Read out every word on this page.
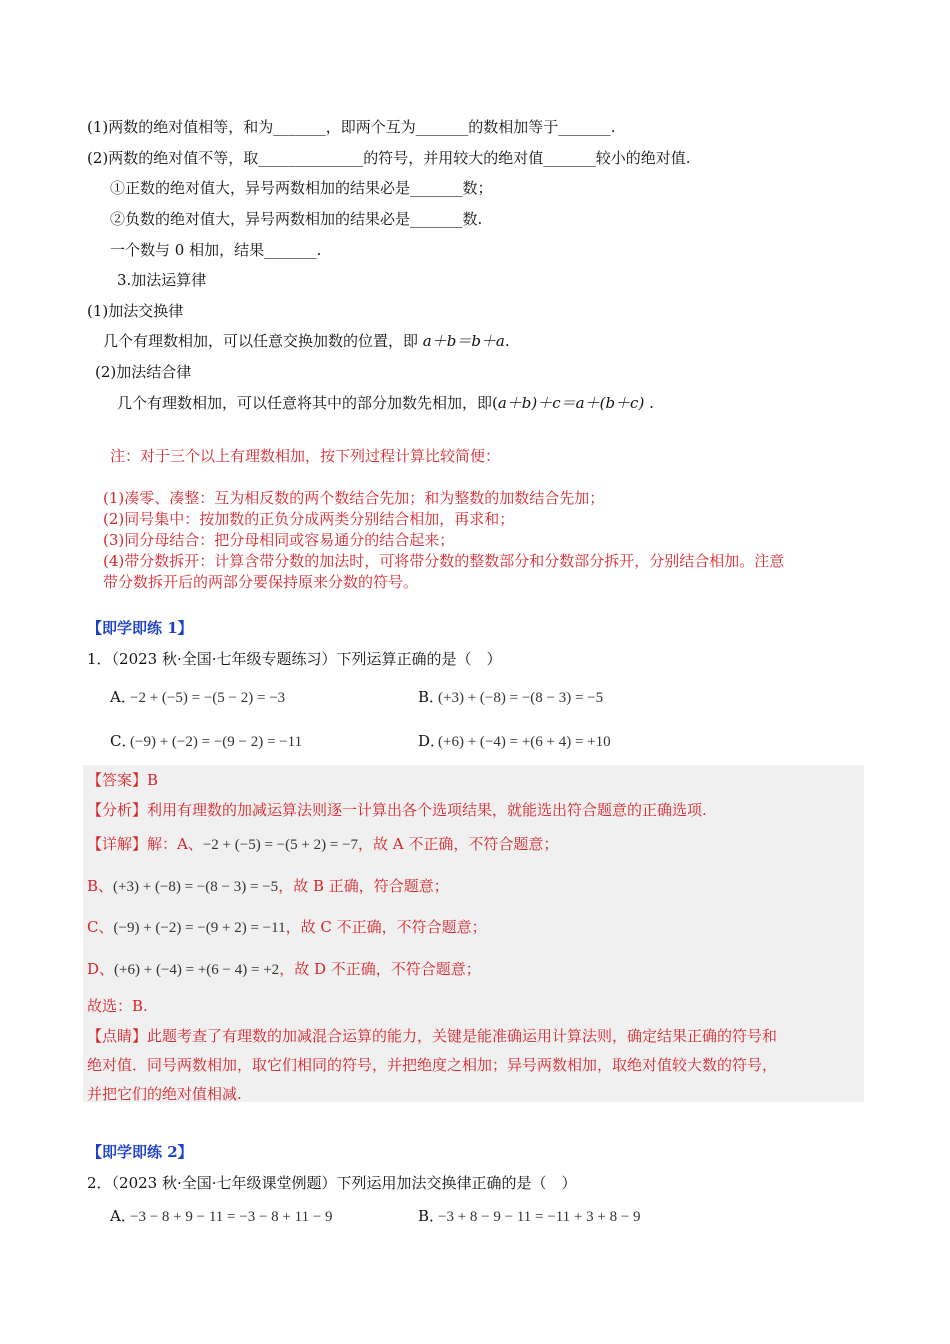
(1)两数的绝对值相等，和为_______，即两个互为_______的数相加等于_______.
(2)两数的绝对值不等，取______________的符号，并用较大的绝对值_______较小的绝对值.
①正数的绝对值大，异号两数相加的结果必是_______数；
②负数的绝对值大，异号两数相加的结果必是_______数.
一个数与 0 相加，结果_______.
3.加法运算律
(1)加法交换律
几个有理数相加，可以任意交换加数的位置，即 a＋b＝b＋a.
(2)加法结合律
几个有理数相加，可以任意将其中的部分加数先相加，即(a＋b)＋c＝a＋(b＋c) .
注：对于三个以上有理数相加，按下列过程计算比较简便：
(1)凑零、凑整：互为相反数的两个数结合先加；和为整数的加数结合先加；
(2)同号集中：按加数的正负分成两类分别结合相加，再求和；
(3)同分母结合：把分母相同或容易通分的结合起来；
(4)带分数拆开：计算含带分数的加法时，可将带分数的整数部分和分数部分拆开，分别结合相加。注意
带分数拆开后的两部分要保持原来分数的符号。
【即学即练 1】
1．（2023 秋·全国·七年级专题练习）下列运算正确的是（　）
A．−2 + (−5) = −(5 − 2) = −3	B．(+3) + (−8) = −(8 − 3) = −5
C．(−9) + (−2) = −(9 − 2) = −11	D．(+6) + (−4) = +(6 + 4) = +10
【答案】B
【分析】利用有理数的加减运算法则逐一计算出各个选项结果，就能选出符合题意的正确选项.
【详解】解：A、−2 + (−5) = −(5 + 2) = −7，故 A 不正确，不符合题意；
B、(+3) + (−8) = −(8 − 3) = −5，故 B 正确，符合题意；
C、(−9) + (−2) = −(9 + 2) = −11，故 C 不正确，不符合题意；
D、(+6) + (−4) = +(6 − 4) = +2，故 D 不正确，不符合题意；
故选：B.
【点睛】此题考查了有理数的加减混合运算的能力，关键是能准确运用计算法则，确定结果正确的符号和
绝对值．同号两数相加，取它们相同的符号，并把绝度之相加；异号两数相加，取绝对值较大数的符号，
并把它们的绝对值相减.
【即学即练 2】
2．（2023 秋·全国·七年级课堂例题）下列运用加法交换律正确的是（　）
A．−3 − 8 + 9 − 11 = −3 − 8 + 11 − 9	B．−3 + 8 − 9 − 11 = −11 + 3 + 8 − 9
